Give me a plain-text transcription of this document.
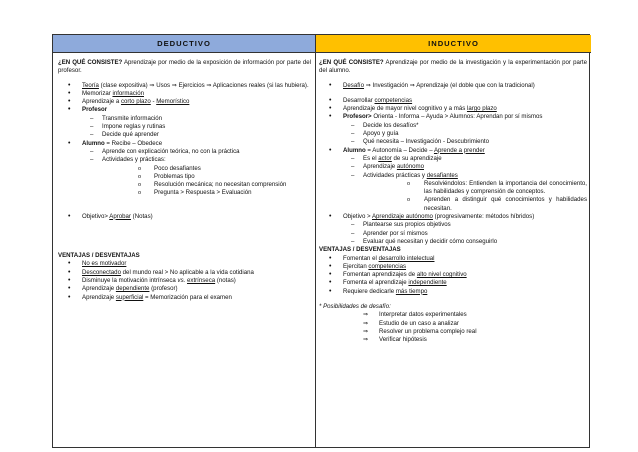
DEDUCTIVO	INDUCTIVO

¿EN QUÉ CONSISTE? Aprendizaje por medio de la exposición de información por parte del profesor.

• Teoría (clase expositiva) ⇒ Usos ⇒ Ejercicios ⇒ Aplicaciones reales (si las hubiera).
• Memorizar información
• Aprendizaje a corto plazo - Memorístico
• Profesor
– Transmite información
– Impone reglas y rutinas
– Decide qué aprender
• Alumno = Recibe – Obedece
– Aprende con explicación teórica, no con la práctica
– Actividades y prácticas:
o Poco desafiantes
o Problemas tipo
o Resolución mecánica; no necesitan comprensión
o Pregunta > Respuesta > Evaluación
• Objetivo> Aprobar (Notas)

VENTAJAS / DESVENTAJAS

• No es motivador
• Desconectado del mundo real > No aplicable a la vida cotidiana
• Disminuye la motivación intrínseca vs. extrínseca (notas)
• Aprendizaje dependiente (profesor)
• Aprendizaje superficial = Memorización para el examen

¿EN QUÉ CONSISTE? Aprendizaje por medio de la investigación y la experimentación por parte del alumno.

• Desafío ⇒ Investigación ⇒ Aprendizaje (el doble que con la tradicional)
• Desarrollar competencias
• Aprendizaje de mayor nivel cognitivo y a más largo plazo
• Profesor> Orienta - Informa – Ayuda > Alumnos: Aprendan por sí mismos
– Decide los desafíos*
– Apoyo y guía
– Qué necesita – Investigación - Descubrimiento
• Alumno = Autonomía – Decide – Aprende a prender
– Es el actor de su aprendizaje
– Aprendizaje autónomo
– Actividades prácticas y desafiantes
o Resolviéndolos: Entienden la importancia del conocimiento, las habilidades y comprensión de conceptos.
o Aprenden a distinguir qué conocimientos y habilidades necesitan.
• Objetivo > Aprendizaje autónomo (progresivamente: métodos híbridos)
– Plantearse sus propios objetivos
– Aprender por sí mismos
– Evaluar qué necesitan y decidir cómo conseguirlo

VENTAJAS / DESVENTAJAS

• Fomentan el desarrollo intelectual
• Ejercitan competencias
• Fomentan aprendizajes de alto nivel cognitivo
• Fomenta el aprendizaje independiente
• Requiere dedicarle más tiempo

* Posibilidades de desafío:

⇒ Interpretar datos experimentales
⇒ Estudio de un caso a analizar
⇒ Resolver un problema complejo real
⇒ Verificar hipótesis
